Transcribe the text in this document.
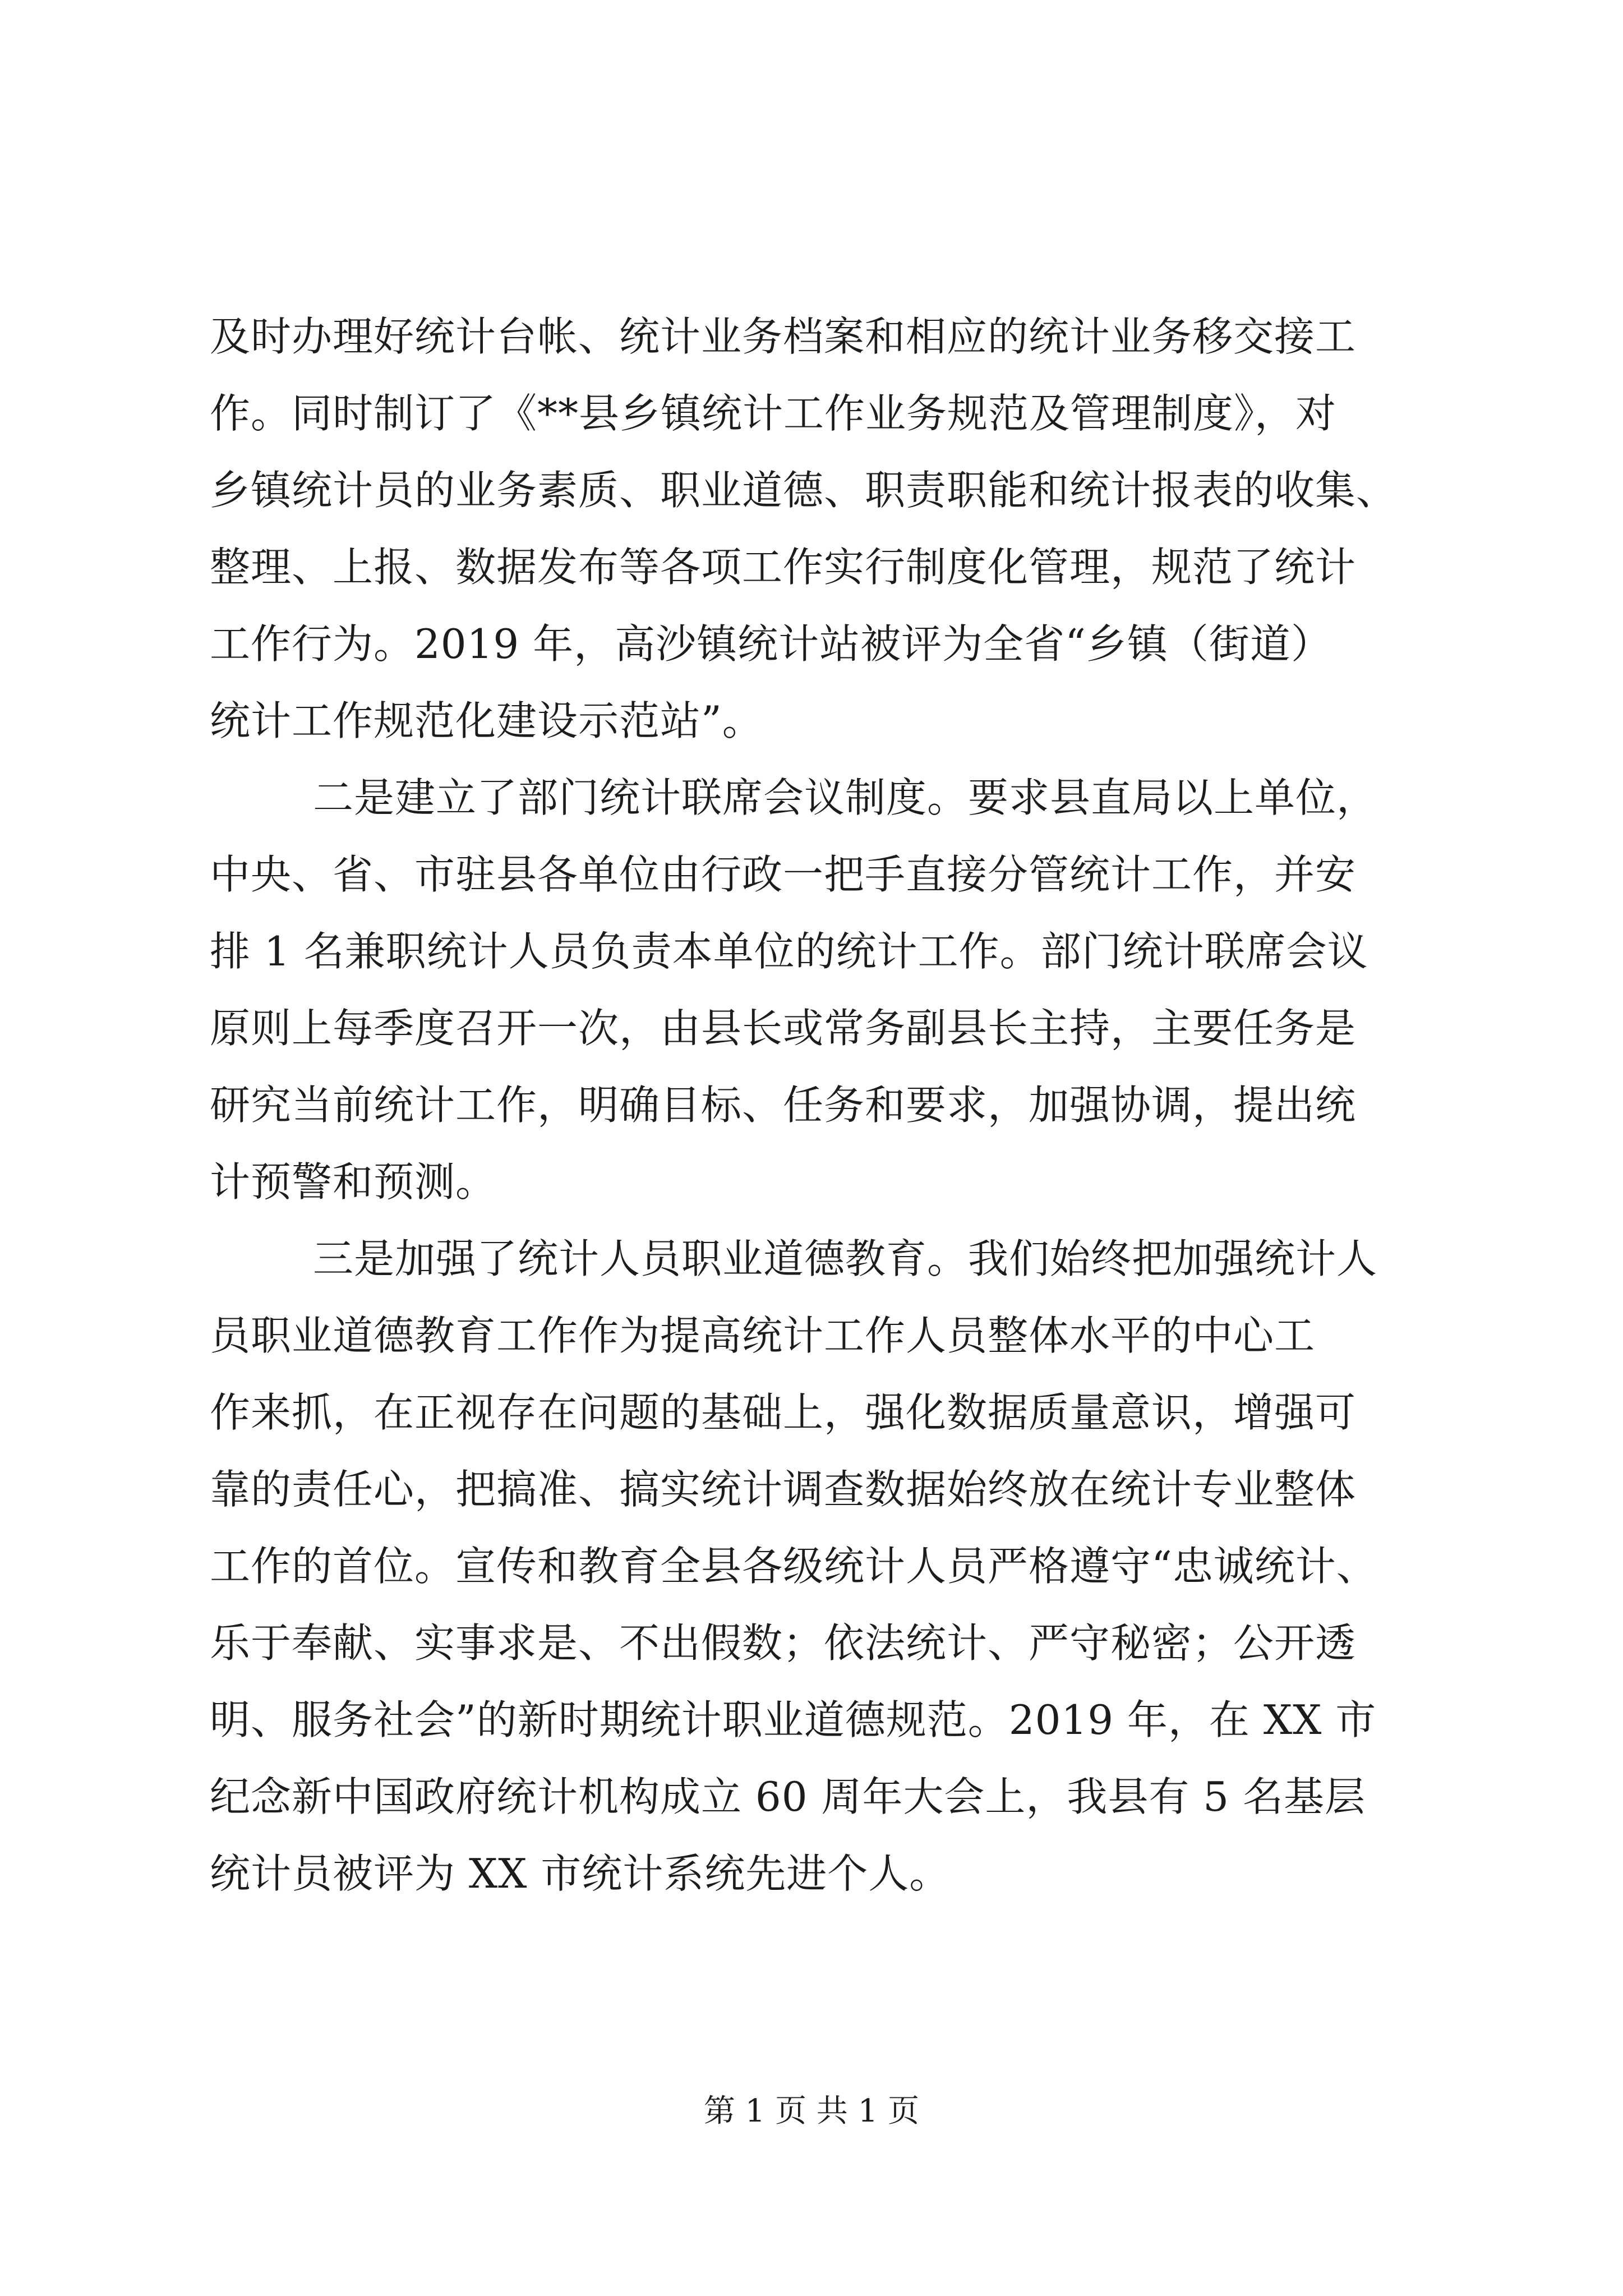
及时办理好统计台帐、统计业务档案和相应的统计业务移交接工
作。同时制订了《**县乡镇统计工作业务规范及管理制度》，对
乡镇统计员的业务素质、职业道德、职责职能和统计报表的收集、
整理、上报、数据发布等各项工作实行制度化管理，规范了统计
工作行为。2019 年，高沙镇统计站被评为全省“乡镇（街道）
统计工作规范化建设示范站”。
二是建立了部门统计联席会议制度。要求县直局以上单位，
中央、省、市驻县各单位由行政一把手直接分管统计工作，并安
排 1 名兼职统计人员负责本单位的统计工作。部门统计联席会议
原则上每季度召开一次，由县长或常务副县长主持，主要任务是
研究当前统计工作，明确目标、任务和要求，加强协调，提出统
计预警和预测。
三是加强了统计人员职业道德教育。我们始终把加强统计人
员职业道德教育工作作为提高统计工作人员整体水平的中心工
作来抓，在正视存在问题的基础上，强化数据质量意识，增强可
靠的责任心，把搞准、搞实统计调查数据始终放在统计专业整体
工作的首位。宣传和教育全县各级统计人员严格遵守“忠诚统计、
乐于奉献、实事求是、不出假数；依法统计、严守秘密；公开透
明、服务社会”的新时期统计职业道德规范。2019 年，在 XX 市
纪念新中国政府统计机构成立 60 周年大会上，我县有 5 名基层
统计员被评为 XX 市统计系统先进个人。
第 1 页 共 1 页
